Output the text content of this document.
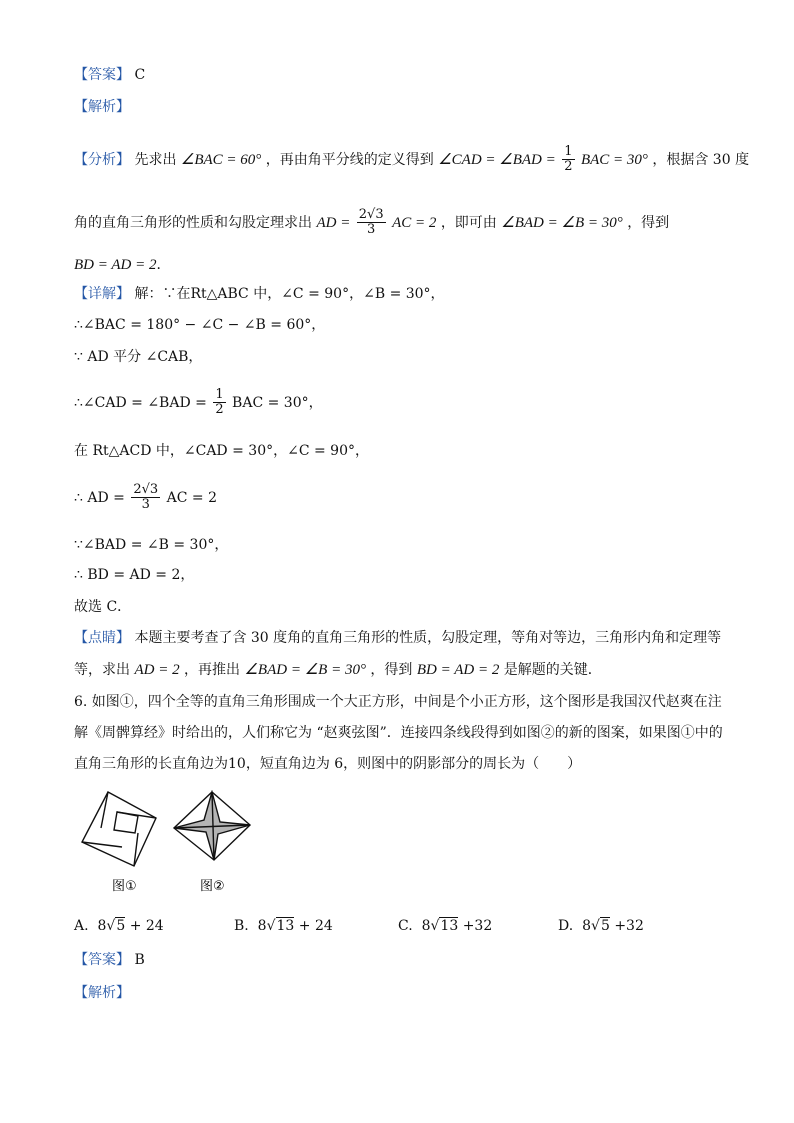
【答案】 C
【解析】
【分析】 先求出 ∠BAC = 60° ，再由角平分线的定义得到 ∠CAD = ∠BAD = $\frac{1}{2}$ BAC = 30° ，根据含 30 度
角的直角三角形的性质和勾股定理求出 AD = $\frac{2√3}{3}$ AC = 2 ，即可由 ∠BAD = ∠B = 30° ，得到
BD = AD = 2．
【详解】 解：∵在Rt△ABC 中，∠C = 90°，∠B = 30°，
∴∠BAC = 180° − ∠C − ∠B = 60°，
∵ AD 平分 ∠CAB，
∴∠CAD = ∠BAD = $\frac{1}{2}$ BAC = 30°，
在 Rt△ACD 中，∠CAD = 30°，∠C = 90°，
∴ AD = $\frac{2√3}{3}$ AC = 2
∵∠BAD = ∠B = 30°，
∴ BD = AD = 2，
故选 C．
【点睛】 本题主要考查了含 30 度角的直角三角形的性质，勾股定理，等角对等边，三角形内角和定理等
等，求出 AD = 2 ，再推出 ∠BAD = ∠B = 30° ，得到 BD = AD = 2 是解题的关键．
6. 如图①，四个全等的直角三角形围成一个大正方形，中间是个小正方形，这个图形是我国汉代赵爽在注
解《周髀算经》时给出的，人们称它为 “赵爽弦图”．连接四条线段得到如图②的新的图案，如果图①中的
直角三角形的长直角边为10，短直角边为 6，则图中的阴影部分的周长为（　　）
图①	图②
A. 8√5 + 24	B. 8√13 + 24	C. 8√13 +32	D. 8√5 +32
【答案】 B
【解析】
